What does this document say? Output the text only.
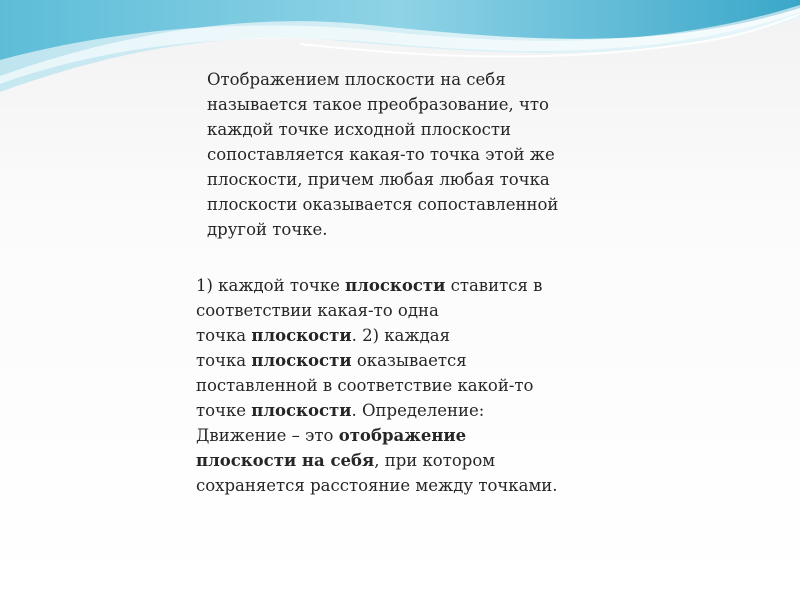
Отображением плоскости на себя
называется такое преобразование, что
каждой точке исходной плоскости
сопоставляется какая-то точка этой же
плоскости, причем любая любая точка
плоскости оказывается сопоставленной
другой точке.
1) каждой точке плоскости ставится в
соответствии какая-то одна
точка плоскости. 2) каждая
точка плоскости оказывается
поставленной в соответствие какой-то
точке плоскости. Определение:
Движение – это отображение
плоскости на себя, при котором
сохраняется расстояние между точками.
